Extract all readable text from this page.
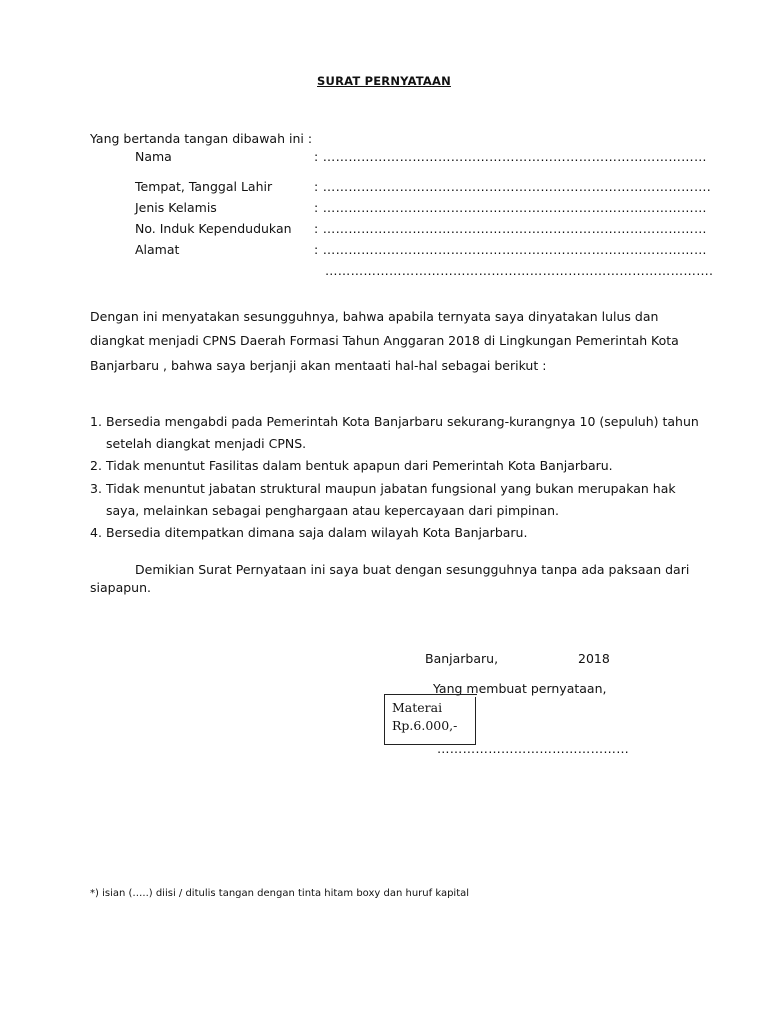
SURAT PERNYATAAN
Yang bertanda tangan dibawah ini :
Nama	: ………………………………………………………………………………
Tempat, Tanggal Lahir	: ……………………………………………………………………………….
Jenis Kelamis	: ………………………………………………………………………………
No. Induk Kependudukan : ………………………………………………………………………………
Alamat	: ………………………………………………………………………………
……………………………………………………………………………….
Dengan ini menyatakan sesungguhnya, bahwa apabila ternyata saya dinyatakan lulus dan
diangkat menjadi CPNS Daerah Formasi Tahun Anggaran 2018 di Lingkungan Pemerintah Kota
Banjarbaru , bahwa saya berjanji akan mentaati hal-hal sebagai berikut :
1. Bersedia mengabdi pada Pemerintah Kota Banjarbaru sekurang-kurangnya 10 (sepuluh) tahun
setelah diangkat menjadi CPNS.
2. Tidak menuntut Fasilitas dalam bentuk apapun dari Pemerintah Kota Banjarbaru.
3. Tidak menuntut jabatan struktural maupun jabatan fungsional yang bukan merupakan hak
saya, melainkan sebagai penghargaan atau kepercayaan dari pimpinan.
4. Bersedia ditempatkan dimana saja dalam wilayah Kota Banjarbaru.
Demikian Surat Pernyataan ini saya buat dengan sesungguhnya tanpa ada paksaan dari
siapapun.
Banjarbaru,	2018
Yang membuat pernyataan,
Materai
Rp.6.000,-
………………………………………
*) isian (…..) diisi / ditulis tangan dengan tinta hitam boxy dan huruf kapital
